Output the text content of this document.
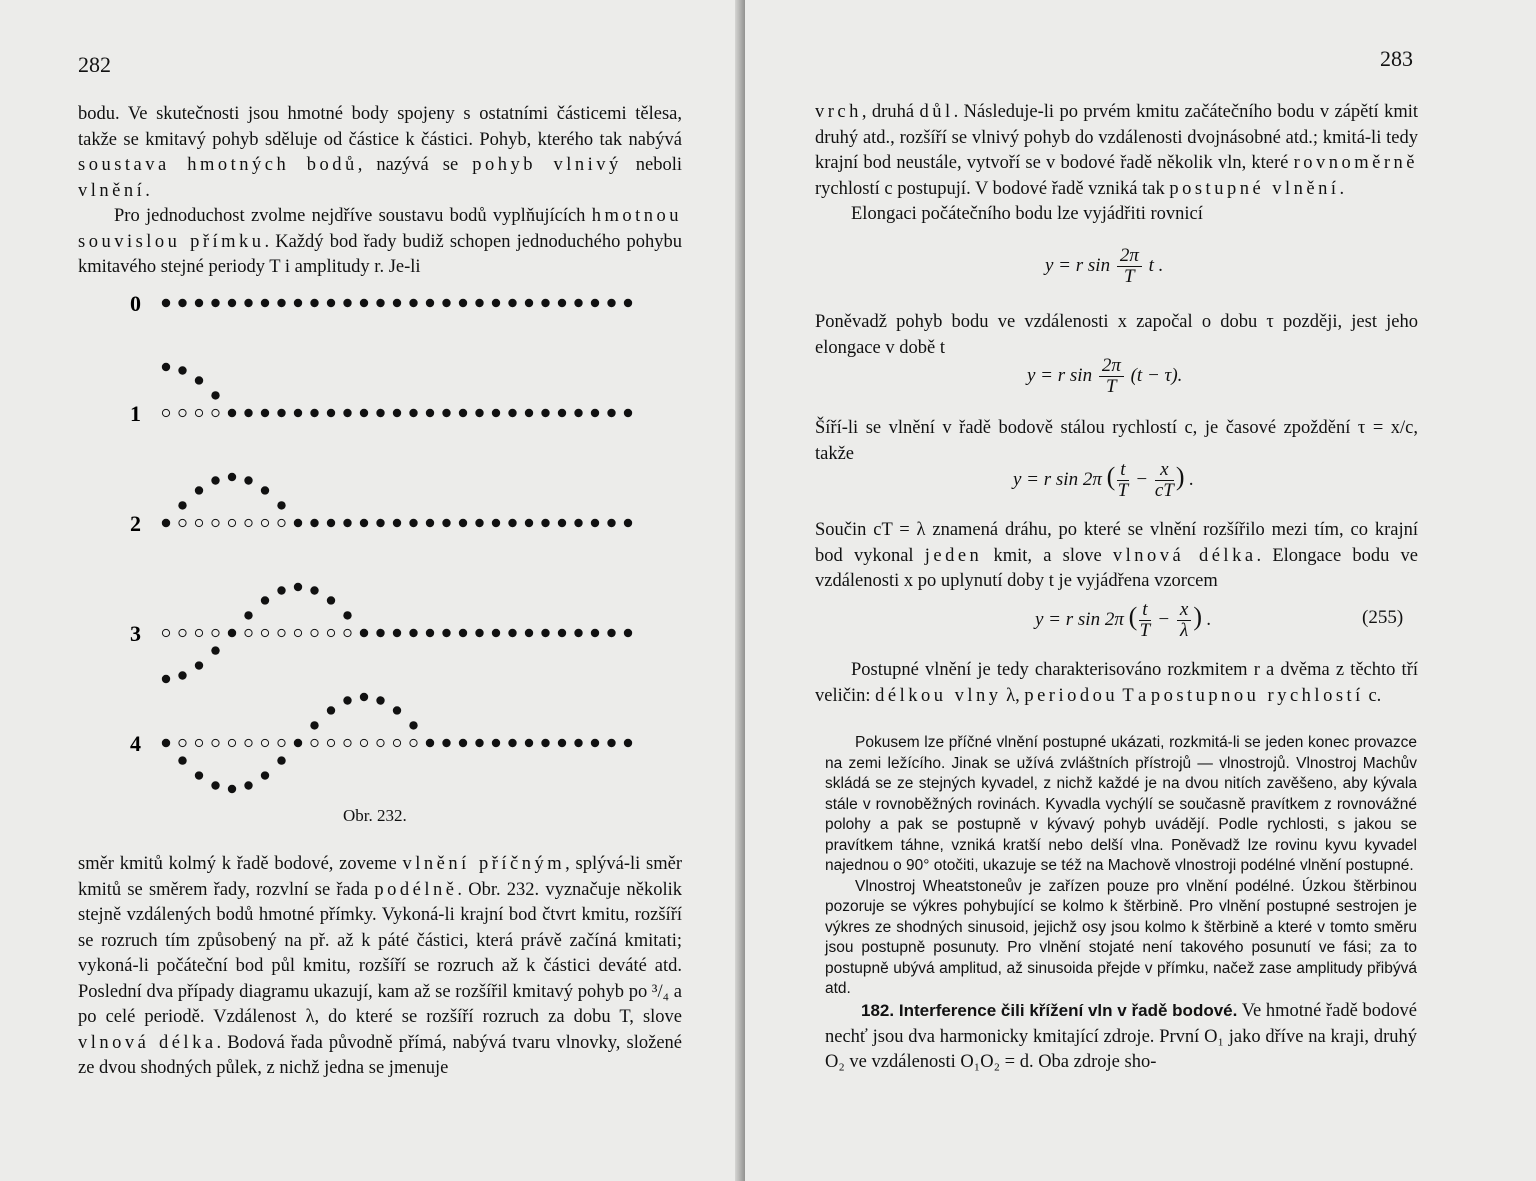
282

bodu. Ve skutečnosti jsou hmotné body spojeny s ostatními částicemi tělesa, takže se kmitavý pohyb sděluje od částice k částici. Pohyb, kterého tak nabývá soustava hmotných bodů, nazývá se pohyb vlnivý neboli vlnění.

Pro jednoduchost zvolme nejdříve soustavu bodů vyplňujících hmotnou souvislou přímku. Každý bod řady budiž schopen jednoduchého pohybu kmitavého stejné periody T i amplitudy r. Je-li

0
1
2
3
4
Obr. 232.

směr kmitů kolmý k řadě bodové, zoveme vlnění příčným, splývá-li směr kmitů se směrem řady, rozvlní se řada podélně. Obr. 232. vyznačuje několik stejně vzdálených bodů hmotné přímky. Vykoná-li krajní bod čtvrt kmitu, rozšíří se rozruch tím způsobený na př. až k páté částici, která právě začíná kmitati; vykoná-li počáteční bod půl kmitu, rozšíří se rozruch až k částici deváté atd. Poslední dva případy diagramu ukazují, kam až se rozšířil kmitavý pohyb po ³/₄ a po celé periodě. Vzdálenost λ, do které se rozšíří rozruch za dobu T, slove vlnová délka. Bodová řada původně přímá, nabývá tvaru vlnovky, složené ze dvou shodných půlek, z nichž jedna se jmenuje

283

vrch, druhá důl. Následuje-li po prvém kmitu začátečního bodu v zápětí kmit druhý atd., rozšíří se vlnivý pohyb do vzdálenosti dvojnásobné atd.; kmitá-li tedy krajní bod neustále, vytvoří se v bodové řadě několik vln, které rovnoměrně rychlostí c postupují. V bodové řadě vzniká tak postupné vlnění.

Elongaci počátečního bodu lze vyjádřiti rovnicí

y = r $\sin \frac{2\pi}{T}$ t .

Poněvadž pohyb bodu ve vzdálenosti x započal o dobu τ později, jest jeho elongace v době t

y = r $\sin \frac{2\pi}{T} (t - \tau)$.

Šíří-li se vlnění v řadě bodově stálou rychlostí c, je časové zpoždění τ = x/c, takže

y = r sin 2π ( $\frac{t}{T} - \frac{x}{cT}$ ) .

Součin cT = λ znamená dráhu, po které se vlnění rozšířilo mezi tím, co krajní bod vykonal jeden kmit, a slove vlnová délka. Elongace bodu ve vzdálenosti x po uplynutí doby t je vyjádřena vzorcem

y = r sin 2π ( $\frac{t}{T} - \frac{x}{\lambda}$ ) .	(255)

Postupné vlnění je tedy charakterisováno rozkmitem r a dvěma z těchto tří veličin: délkou vlny λ, periodou T a postupnou rychlostí c.

Pokusem lze příčné vlnění postupné ukázati, rozkmitá-li se jeden konec provazce na zemi ležícího. Jinak se užívá zvláštních přístrojů — vlnostrojů. Vlnostroj Machův skládá se ze stejných kyvadel, z nichž každé je na dvou nitích zavěšeno, aby kývala stále v rovnoběžných rovinách. Kyvadla vychýlí se současně pravítkem z rovnovážné polohy a pak se postupně v kývavý pohyb uvádějí. Podle rychlosti, s jakou se pravítkem táhne, vzniká kratší nebo delší vlna. Poněvadž lze rovinu kyvu kyvadel najednou o 90° otočiti, ukazuje se též na Machově vlnostroji podélné vlnění postupné.

Vlnostroj Wheatstoneův je zařízen pouze pro vlnění podélné. Úzkou štěrbinou pozoruje se výkres pohybující se kolmo k štěrbině. Pro vlnění postupné sestrojen je výkres ze shodných sinusoid, jejichž osy jsou kolmo k štěrbině a které v tomto směru jsou postupně posunuty. Pro vlnění stojaté není takového posunutí ve fási; za to postupně ubývá amplitud, až sinusoida přejde v přímku, načež zase amplitudy přibývá atd.

182. Interference čili křížení vln v řadě bodové. Ve hmotné řadě bodové nechť jsou dva harmonicky kmitající zdroje. První O₁ jako dříve na kraji, druhý O₂ ve vzdálenosti O₁O₂ = d. Oba zdroje sho-
